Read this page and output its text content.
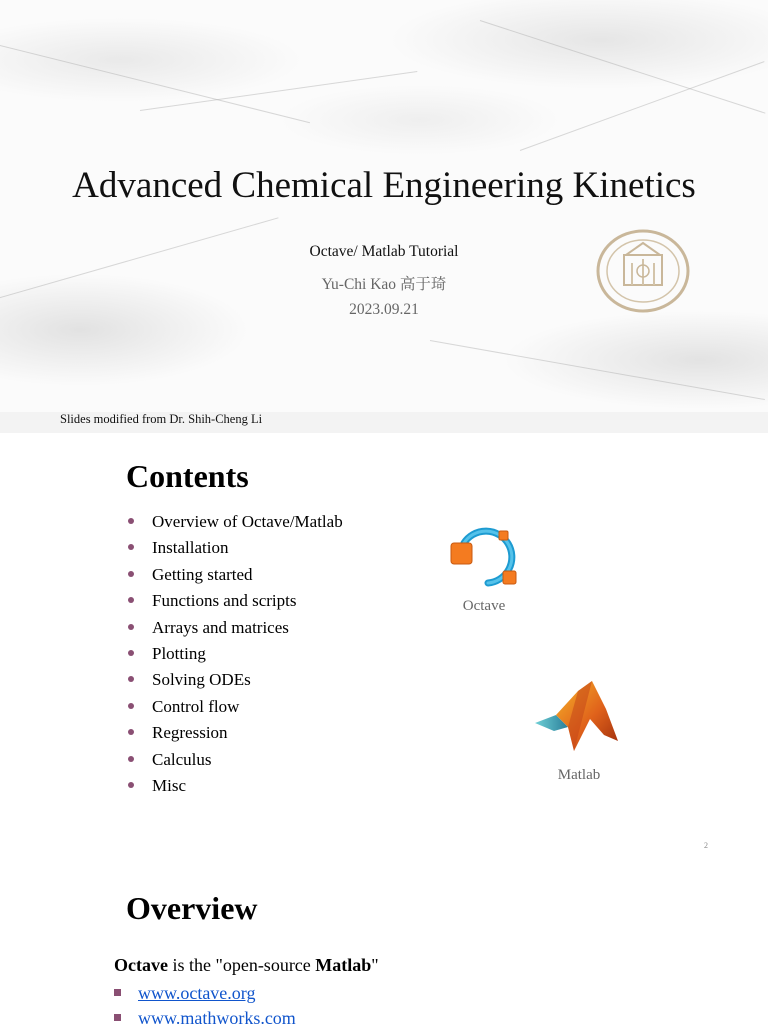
Advanced Chemical Engineering Kinetics
Octave/ Matlab Tutorial
Yu-Chi Kao 高于琦
2023.09.21
Slides modified from Dr. Shih-Cheng Li
Contents
Overview of Octave/Matlab
Installation
Getting started
Functions and scripts
Arrays and matrices
Plotting
Solving ODEs
Control flow
Regression
Calculus
Misc
Octave
Matlab
2
Overview
Octave is the "open-source Matlab"
www.octave.org
www.mathworks.com
